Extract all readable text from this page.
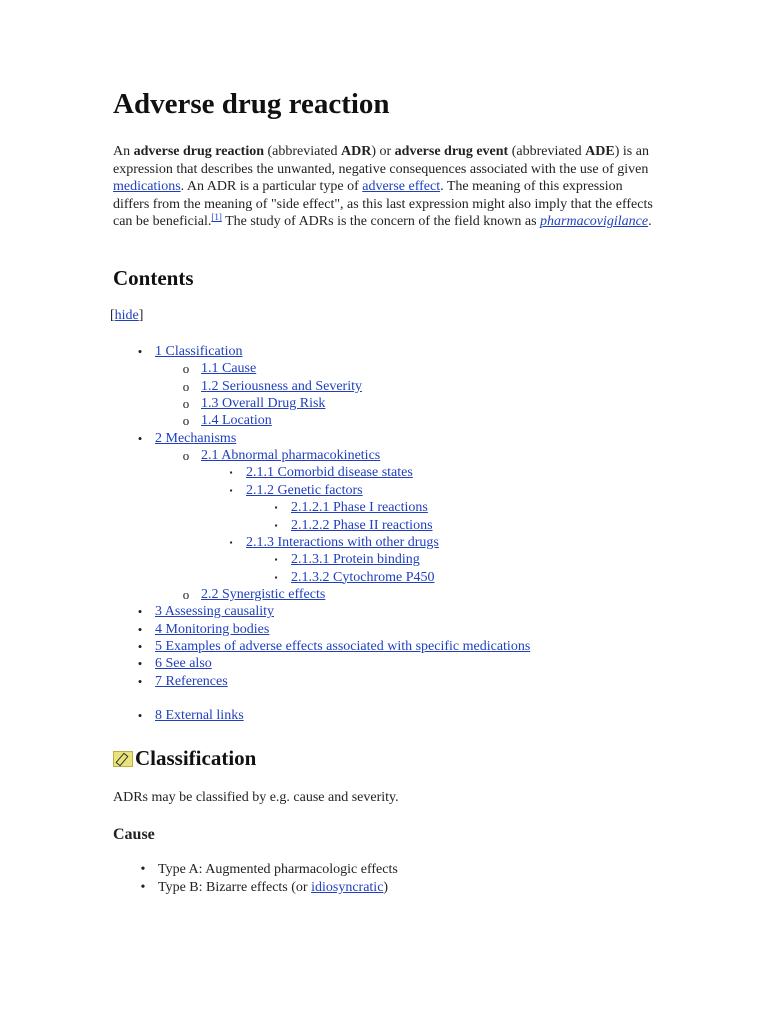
Adverse drug reaction

An adverse drug reaction (abbreviated ADR) or adverse drug event (abbreviated ADE) is an expression that describes the unwanted, negative consequences associated with the use of given medications. An ADR is a particular type of adverse effect. The meaning of this expression differs from the meaning of "side effect", as this last expression might also imply that the effects can be beneficial.[1] The study of ADRs is the concern of the field known as pharmacovigilance.

Contents
[hide]
• 1 Classification
o 1.1 Cause
o 1.2 Seriousness and Severity
o 1.3 Overall Drug Risk
o 1.4 Location
• 2 Mechanisms
o 2.1 Abnormal pharmacokinetics
▪ 2.1.1 Comorbid disease states
▪ 2.1.2 Genetic factors
▪ 2.1.2.1 Phase I reactions
▪ 2.1.2.2 Phase II reactions
▪ 2.1.3 Interactions with other drugs
▪ 2.1.3.1 Protein binding
▪ 2.1.3.2 Cytochrome P450
o 2.2 Synergistic effects
• 3 Assessing causality
• 4 Monitoring bodies
• 5 Examples of adverse effects associated with specific medications
• 6 See also
• 7 References
• 8 External links
Classification

ADRs may be classified by e.g. cause and severity.

Cause
• Type A: Augmented pharmacologic effects
• Type B: Bizarre effects (or idiosyncratic)
